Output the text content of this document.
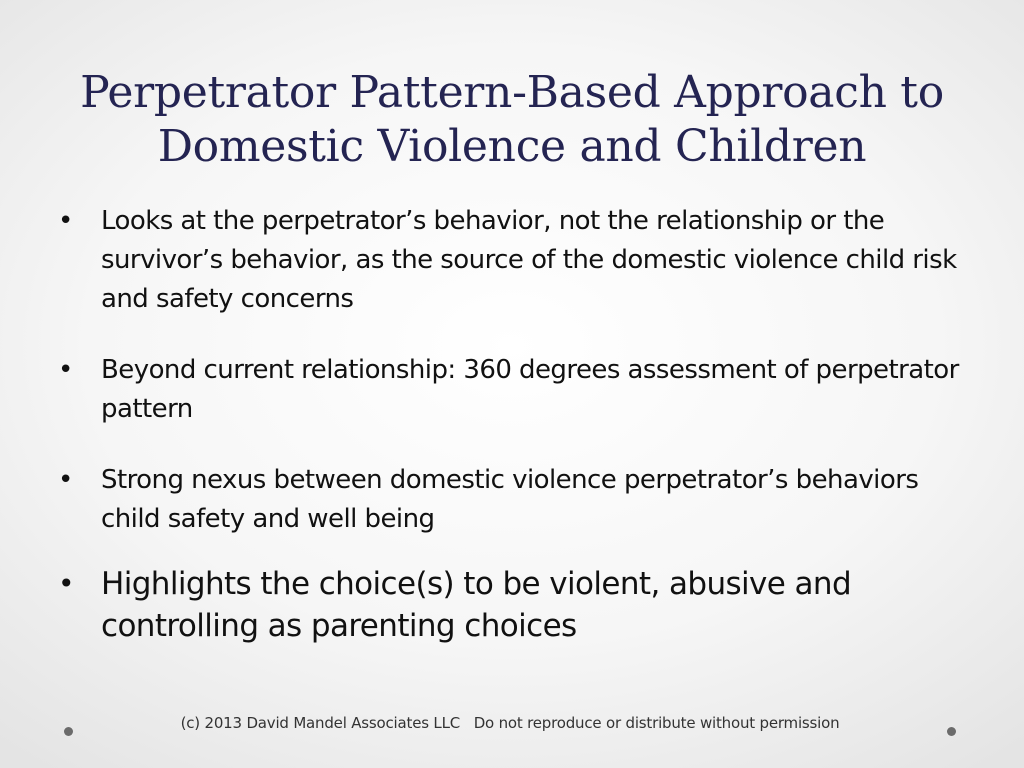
Perpetrator Pattern-Based Approach to
Domestic Violence and Children
• Looks at the perpetrator’s behavior, not the relationship or the survivor’s behavior, as the source of the domestic violence child risk and safety concerns
• Beyond current relationship: 360 degrees assessment of perpetrator pattern
• Strong nexus between domestic violence perpetrator’s behaviors child safety and well being
• Highlights the choice(s) to be violent, abusive and controlling as parenting choices
(c) 2013 David Mandel Associates LLC   Do not reproduce or distribute without permission
